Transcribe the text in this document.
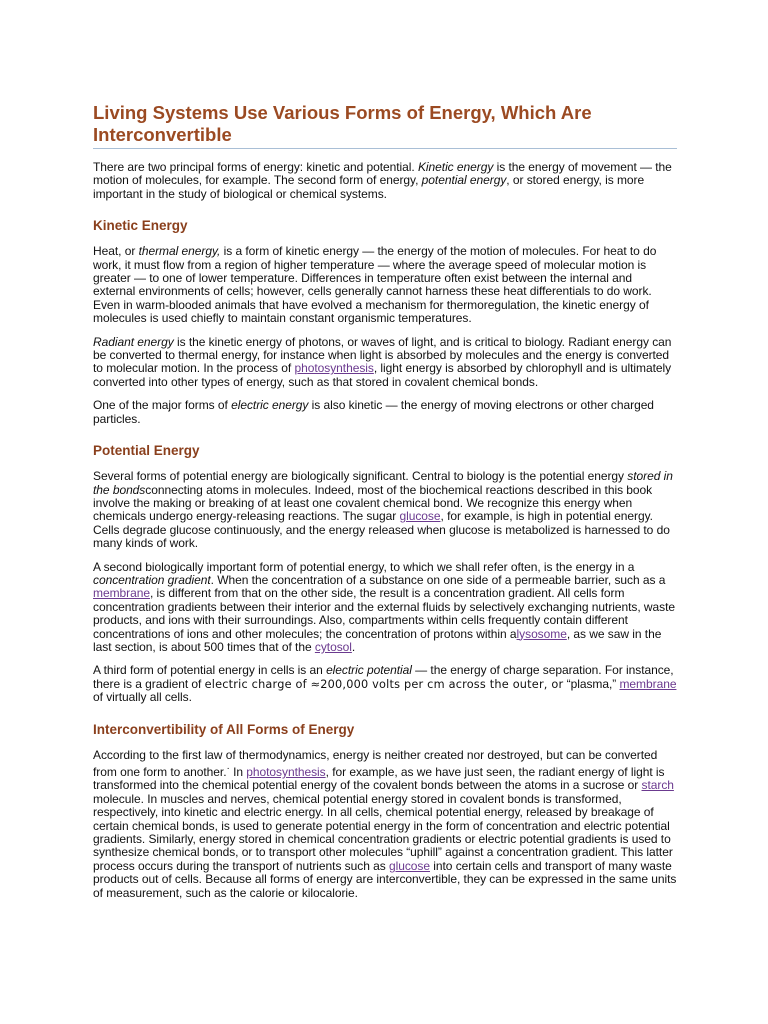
Living Systems Use Various Forms of Energy, Which Are Interconvertible

There are two principal forms of energy: kinetic and potential. Kinetic energy is the energy of movement — the motion of molecules, for example. The second form of energy, potential energy, or stored energy, is more important in the study of biological or chemical systems.

Kinetic Energy

Heat, or thermal energy, is a form of kinetic energy — the energy of the motion of molecules. For heat to do work, it must flow from a region of higher temperature — where the average speed of molecular motion is greater — to one of lower temperature. Differences in temperature often exist between the internal and external environments of cells; however, cells generally cannot harness these heat differentials to do work. Even in warm-blooded animals that have evolved a mechanism for thermoregulation, the kinetic energy of molecules is used chiefly to maintain constant organismic temperatures.

Radiant energy is the kinetic energy of photons, or waves of light, and is critical to biology. Radiant energy can be converted to thermal energy, for instance when light is absorbed by molecules and the energy is converted to molecular motion. In the process of photosynthesis, light energy is absorbed by chlorophyll and is ultimately converted into other types of energy, such as that stored in covalent chemical bonds.

One of the major forms of electric energy is also kinetic — the energy of moving electrons or other charged particles.

Potential Energy

Several forms of potential energy are biologically significant. Central to biology is the potential energy stored in the bondsconnecting atoms in molecules. Indeed, most of the biochemical reactions described in this book involve the making or breaking of at least one covalent chemical bond. We recognize this energy when chemicals undergo energy-releasing reactions. The sugar glucose, for example, is high in potential energy. Cells degrade glucose continuously, and the energy released when glucose is metabolized is harnessed to do many kinds of work.

A second biologically important form of potential energy, to which we shall refer often, is the energy in a concentration gradient. When the concentration of a substance on one side of a permeable barrier, such as a membrane, is different from that on the other side, the result is a concentration gradient. All cells form concentration gradients between their interior and the external fluids by selectively exchanging nutrients, waste products, and ions with their surroundings. Also, compartments within cells frequently contain different concentrations of ions and other molecules; the concentration of protons within alysosome, as we saw in the last section, is about 500 times that of the cytosol.

A third form of potential energy in cells is an electric potential — the energy of charge separation. For instance, there is a gradient of electric charge of ≈200,000 volts per cm across the outer, or “plasma,” membrane of virtually all cells.

Interconvertibility of All Forms of Energy

According to the first law of thermodynamics, energy is neither created nor destroyed, but can be converted from one form to another.· In photosynthesis, for example, as we have just seen, the radiant energy of light is transformed into the chemical potential energy of the covalent bonds between the atoms in a sucrose or starch molecule. In muscles and nerves, chemical potential energy stored in covalent bonds is transformed, respectively, into kinetic and electric energy. In all cells, chemical potential energy, released by breakage of certain chemical bonds, is used to generate potential energy in the form of concentration and electric potential gradients. Similarly, energy stored in chemical concentration gradients or electric potential gradients is used to synthesize chemical bonds, or to transport other molecules “uphill” against a concentration gradient. This latter process occurs during the transport of nutrients such as glucose into certain cells and transport of many waste products out of cells. Because all forms of energy are interconvertible, they can be expressed in the same units of measurement, such as the calorie or kilocalorie.
